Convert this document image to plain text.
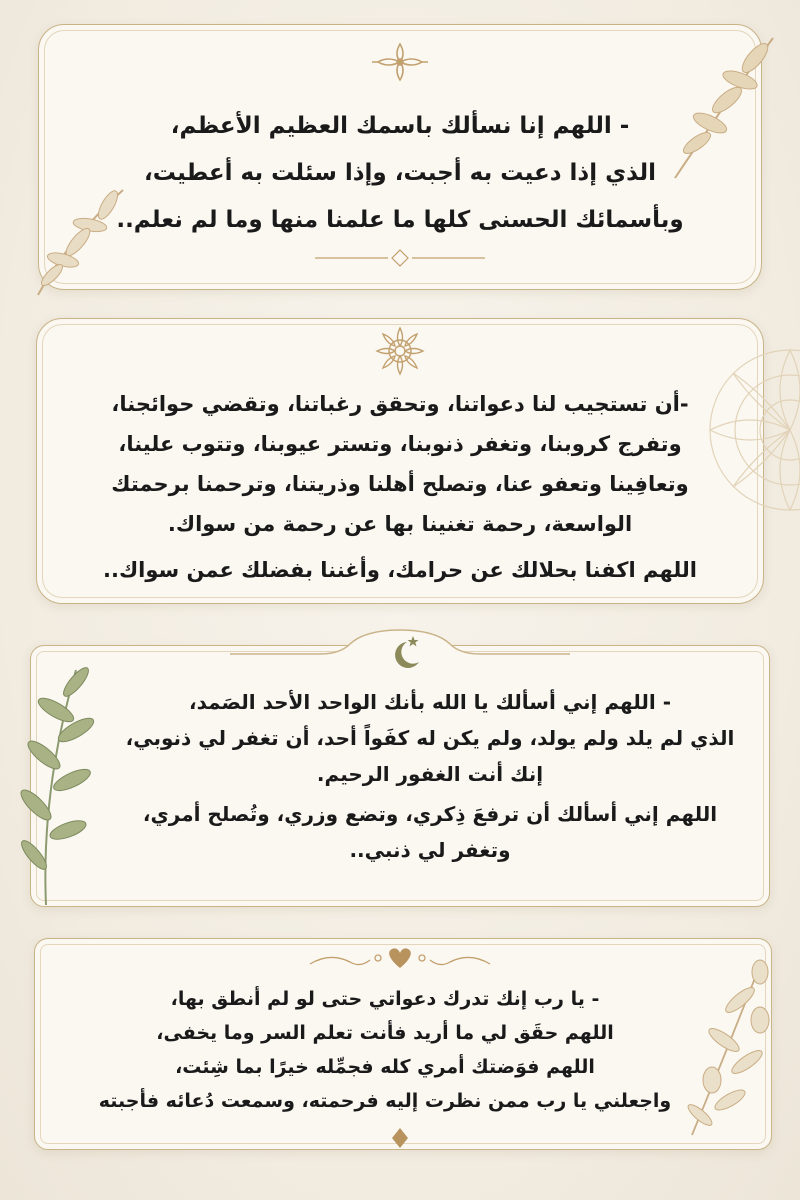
- اللهم إنا نسألك باسمك العظيم الأعظم،

الذي إذا دعيت به أجبت، وإذا سئلت به أعطيت،

وبأسمائك الحسنى كلها ما علمنا منها وما لم نعلم..

-أن تستجيب لنا دعواتنا، وتحقق رغباتنا، وتقضي حوائجنا،

وتفرج كروبنا، وتغفر ذنوبنا، وتستر عيوبنا، وتتوب علينا،

وتعافِينا وتعفو عنا، وتصلح أهلنا وذريتنا، وترحمنا برحمتك

الواسعة، رحمة تغنينا بها عن رحمة من سواك.

اللهم اكفنا بحلالك عن حرامك، وأغننا بفضلك عمن سواك..

- اللهم إني أسألك يا الله بأنك الواحد الأحد الصَمد،

الذي لم يلد ولم يولد، ولم يكن له كفَواً أحد، أن تغفر لي ذنوبي،

إنك أنت الغفور الرحيم.

اللهم إني أسألك أن ترفعَ ذِكري، وتضع وزري، وتُصلح أمري،

وتغفر لي ذنبي..

- يا رب إنك تدرك دعواتي حتى لو لم أنطق بها،

اللهم حقَق لي ما أريد فأنت تعلم السر وما يخفى،

اللهم فوَضتك أمري كله فجمِّله خيرًا بما شِئت،

واجعلني يا رب ممن نظرت إليه فرحمته، وسمعت دُعائه فأجبته
